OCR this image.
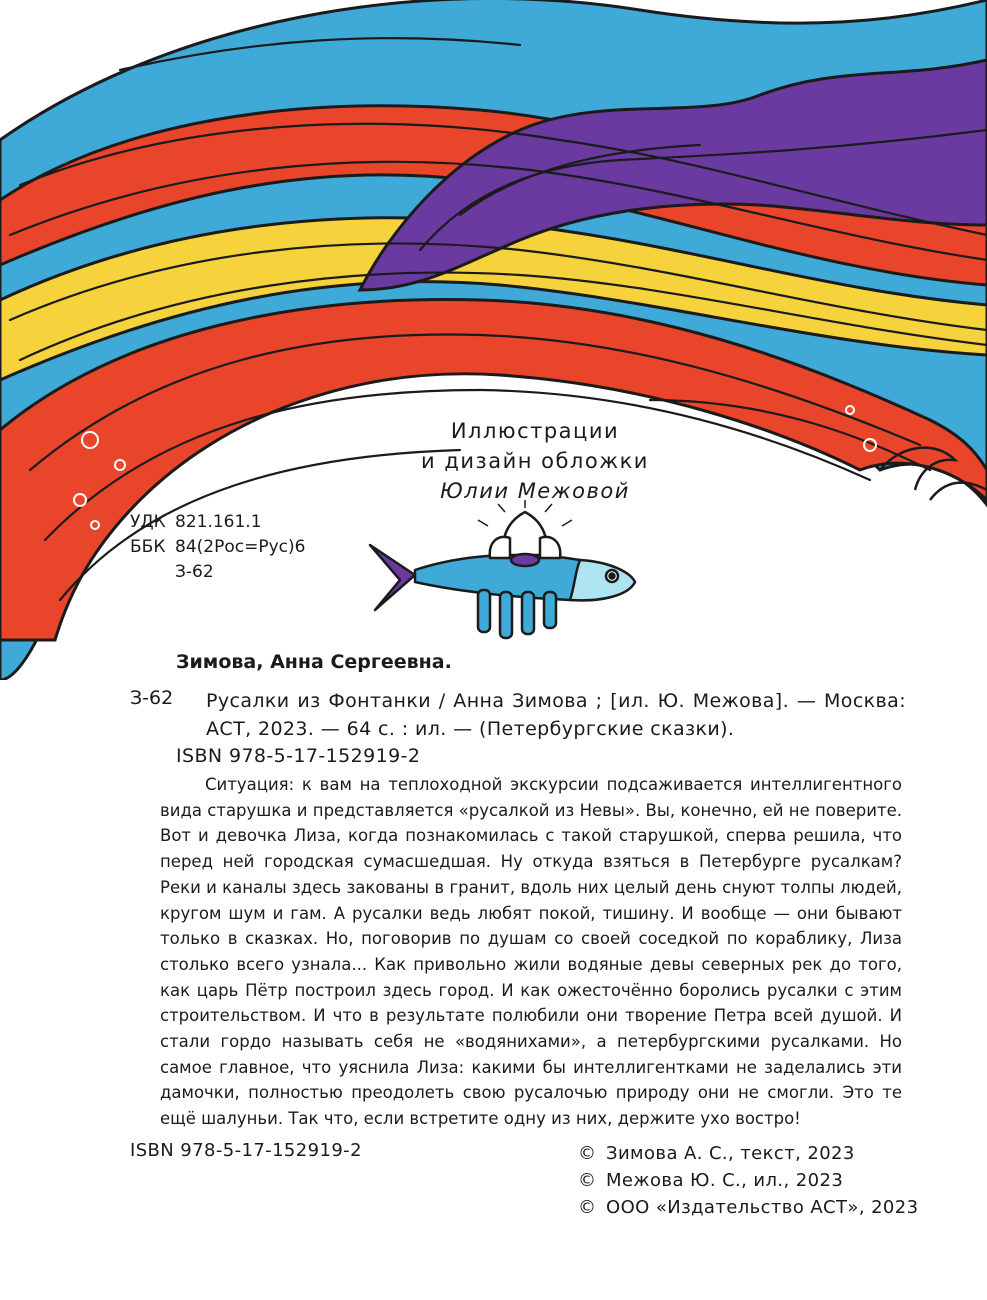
Иллюстрации
и дизайн обложки
Юлии Межовой
УДК 821.161.1
ББК 84(2Рос=Рус)6
З-62
Зимова, Анна Сергеевна.
З-62 Русалки из Фонтанки / Анна Зимова ; [ил. Ю. Межова]. — Москва: АСТ, 2023. — 64 с. : ил. — (Петербургские сказки).
ISBN 978-5-17-152919-2

Ситуация: к вам на теплоходной экскурсии подсаживается интеллигентного вида старушка и представляется «русалкой из Невы». Вы, конечно, ей не поверите. Вот и девочка Лиза, когда познакомилась с такой старушкой, сперва решила, что перед ней городская сумасшедшая. Ну откуда взяться в Петербурге русалкам? Реки и каналы здесь закованы в гранит, вдоль них целый день снуют толпы людей, кругом шум и гам. А русалки ведь любят покой, тишину. И вообще — они бывают только в сказках. Но, поговорив по душам со своей соседкой по кораблику, Лиза столько всего узнала... Как привольно жили водяные девы северных рек до того, как царь Пётр построил здесь город. И как ожесточённо боролись русалки с этим строительством. И что в результате полюбили они творение Петра всей душой. И стали гордо называть себя не «водянихами», а петербургскими русалками. Но самое главное, что уяснила Лиза: какими бы интеллигентками не заделались эти дамочки, полностью преодолеть свою русалочью природу они не смогли. Это те ещё шалуньи. Так что, если встретите одну из них, держите ухо востро!

ISBN 978-5-17-152919-2	© Зимова А. С., текст, 2023
© Межова Ю. С., ил., 2023
© ООО «Издательство АСТ», 2023
